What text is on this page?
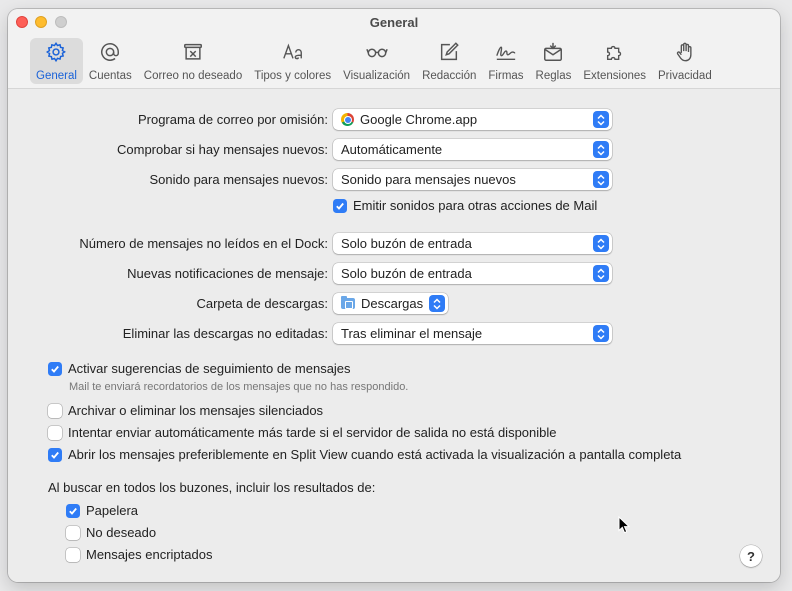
General
General Cuentas Correo no deseado Tipos y colores Visualización Redacción Firmas Reglas Extensiones Privacidad
Programa de correo por omisión: Google Chrome.app
Comprobar si hay mensajes nuevos: Automáticamente
Sonido para mensajes nuevos: Sonido para mensajes nuevos
Emitir sonidos para otras acciones de Mail
Número de mensajes no leídos en el Dock: Solo buzón de entrada
Nuevas notificaciones de mensaje: Solo buzón de entrada
Carpeta de descargas:	Descargas
Eliminar las descargas no editadas: Tras eliminar el mensaje
Activar sugerencias de seguimiento de mensajes
Mail te enviará recordatorios de los mensajes que no has respondido.
Archivar o eliminar los mensajes silenciados
Intentar enviar automáticamente más tarde si el servidor de salida no está disponible
Abrir los mensajes preferiblemente en Split View cuando está activada la visualización a pantalla completa
Al buscar en todos los buzones, incluir los resultados de:
Papelera
No deseado
Mensajes encriptados	?
